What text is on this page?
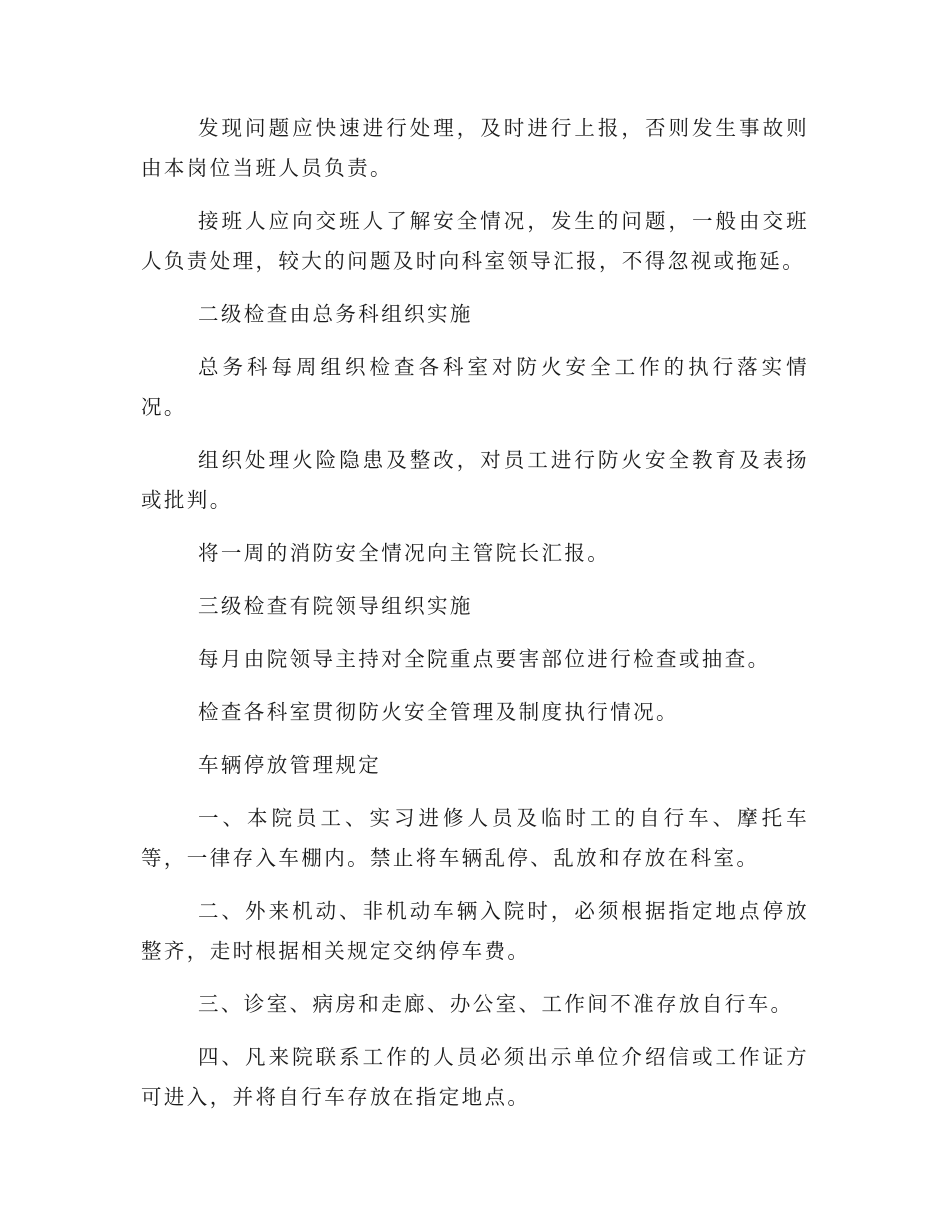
发现问题应快速进行处理，及时进行上报，否则发生事故则由本岗位当班人员负责。

接班人应向交班人了解安全情况，发生的问题，一般由交班人负责处理，较大的问题及时向科室领导汇报，不得忽视或拖延。

二级检查由总务科组织实施

总务科每周组织检查各科室对防火安全工作的执行落实情况。

组织处理火险隐患及整改，对员工进行防火安全教育及表扬或批判。

将一周的消防安全情况向主管院长汇报。

三级检查有院领导组织实施

每月由院领导主持对全院重点要害部位进行检查或抽查。

检查各科室贯彻防火安全管理及制度执行情况。

车辆停放管理规定

一、本院员工、实习进修人员及临时工的自行车、摩托车等，一律存入车棚内。禁止将车辆乱停、乱放和存放在科室。

二、外来机动、非机动车辆入院时，必须根据指定地点停放整齐，走时根据相关规定交纳停车费。

三、诊室、病房和走廊、办公室、工作间不准存放自行车。

四、凡来院联系工作的人员必须出示单位介绍信或工作证方可进入，并将自行车存放在指定地点。
